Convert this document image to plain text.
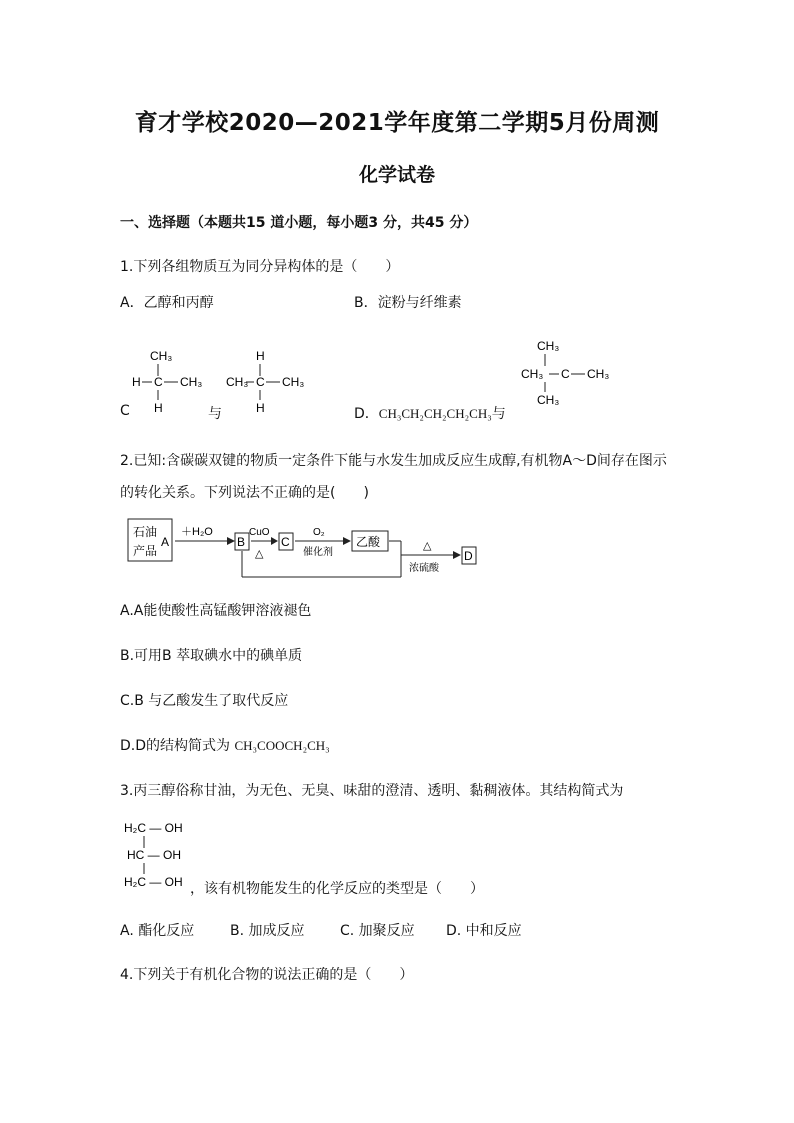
育才学校2020—2021学年度第二学期5月份周测
化学试卷
一、选择题（本题共15 道小题，每小题3 分，共45 分）
1.下列各组物质互为同分异构体的是（　　）
A．乙醇和丙醇	B．淀粉与纤维素
CH₃
H C CH₃
H
H
CH₃ C CH₃
H
C	与	D．CH₃CH₂CH₂CH₂CH₃与
CH₃
CH₃ C CH₃
CH₃
2.已知:含碳碳双键的物质一定条件下能与水发生加成反应生成醇,有机物A～D间存在图示
的转化关系。下列说法不正确的是(　　)
石油
产品
A
＋H₂O
B
CuO
△
C
O₂
催化剂
乙酸	△
浓硫酸
D
A.A能使酸性高锰酸钾溶液褪色
B.可用B 萃取碘水中的碘单质
C.B 与乙酸发生了取代反应
D.D的结构简式为 CH₃COOCH₂CH₃
3.丙三醇俗称甘油，为无色、无臭、味甜的澄清、透明、黏稠液体。其结构简式为
H₂C — OH
HC — OH
H₂C — OH ，该有机物能发生的化学反应的类型是（　　）
A. 酯化反应	B. 加成反应	C. 加聚反应 D. 中和反应
4.下列关于有机化合物的说法正确的是（　　）
